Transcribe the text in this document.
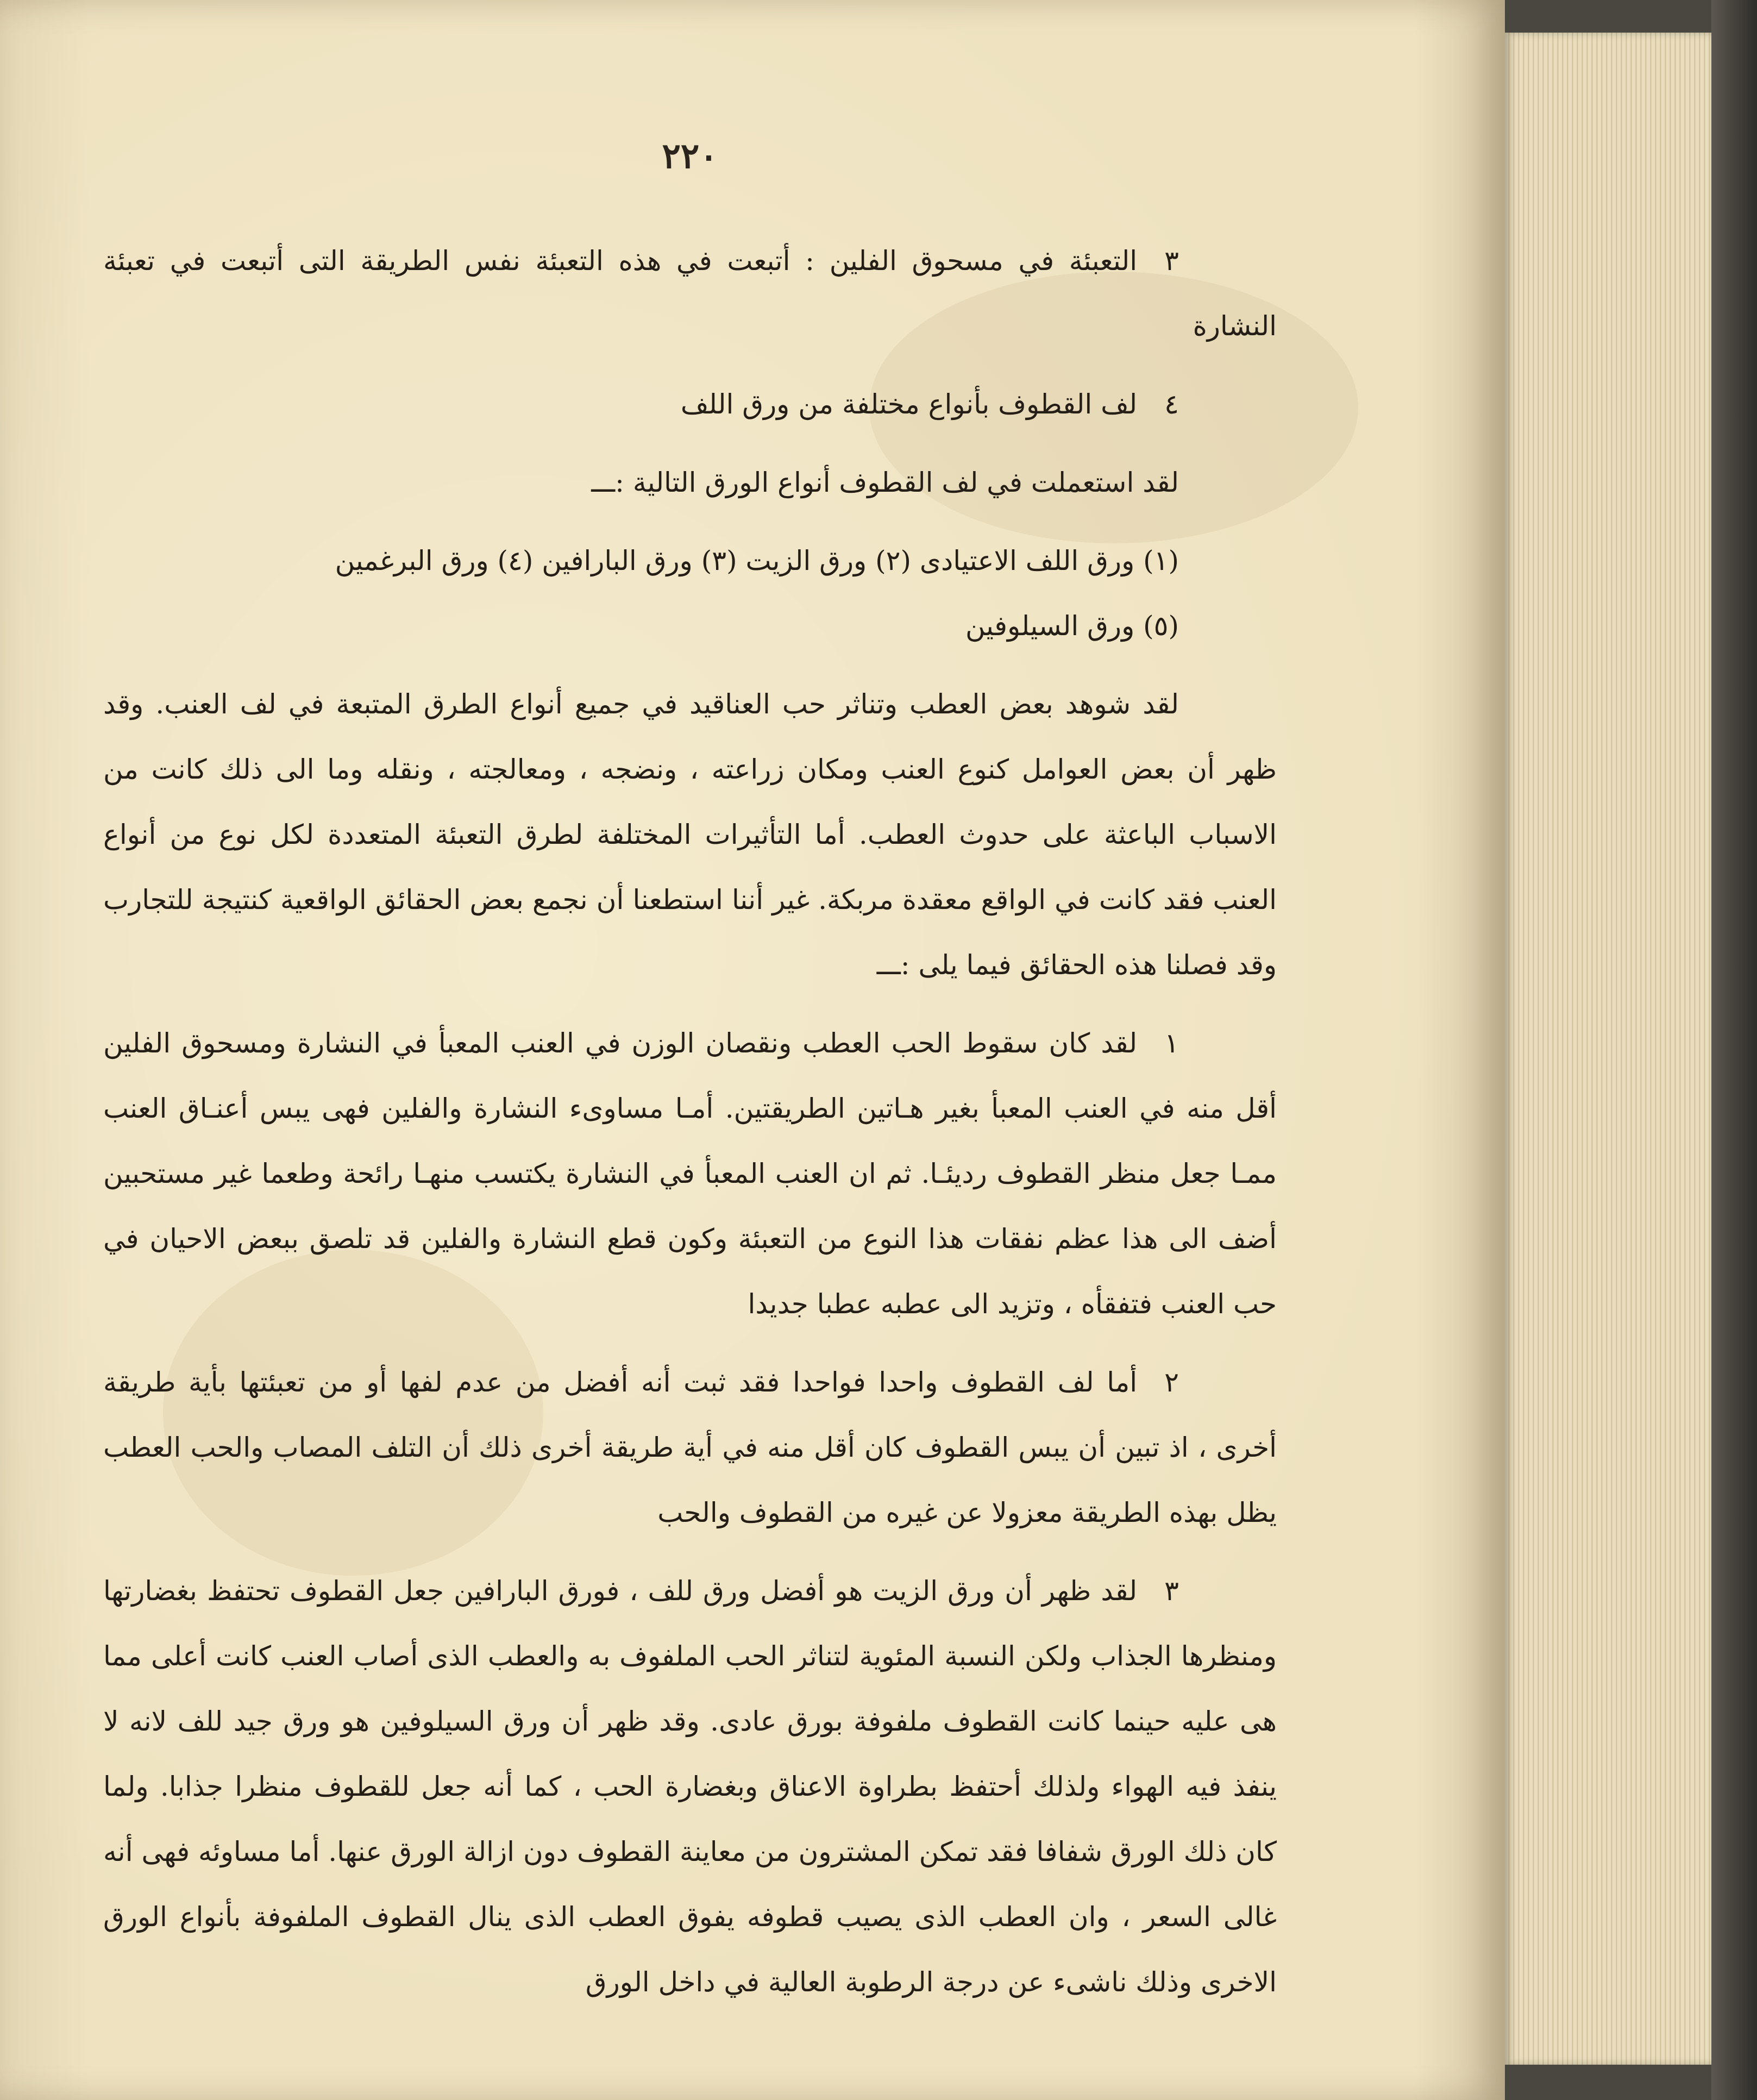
٢٢٠

٣التعبئة في مسحوق الفلين : أتبعت في هذه التعبئة نفس الطريقة التى أتبعت في تعبئة النشارة

٤لف القطوف بأنواع مختلفة من ورق اللف

لقد استعملت في لف القطوف أنواع الورق التالية :ـــ

(١) ورق اللف الاعتيادى (٢) ورق الزيت (٣) ورق البارافين (٤) ورق البرغمين

(٥) ورق السيلوفين

لقد شوهد بعض العطب وتناثر حب العناقيد في جميع أنواع الطرق المتبعة في لف العنب. وقد ظهر أن بعض العوامل كنوع العنب ومكان زراعته ، ونضجه ، ومعالجته ، ونقله وما الى ذلك كانت من الاسباب الباعثة على حدوث العطب. أما التأثيرات المختلفة لطرق التعبئة المتعددة لكل نوع من أنواع العنب فقد كانت في الواقع معقدة مربكة. غير أننا استطعنا أن نجمع بعض الحقائق الواقعية كنتيجة للتجارب وقد فصلنا هذه الحقائق فيما يلى :ـــ

١لقد كان سقوط الحب العطب ونقصان الوزن في العنب المعبأ في النشارة ومسحوق الفلين أقل منه في العنب المعبأ بغير هـاتين الطريقتين. أمـا مساوىء النشارة والفلين فهى يبس أعنـاق العنب ممـا جعل منظر القطوف رديئـا. ثم ان العنب المعبأ في النشارة يكتسب منهـا رائحة وطعما غير مستحبين أضف الى هذا عظم نفقات هذا النوع من التعبئة وكون قطع النشارة والفلين قد تلصق ببعض الاحيان في حب العنب فتفقأه ، وتزيد الى عطبه عطبا جديدا

٢أما لف القطوف واحدا فواحدا فقد ثبت أنه أفضل من عدم لفها أو من تعبئتها بأية طريقة أخرى ، اذ تبين أن يبس القطوف كان أقل منه في أية طريقة أخرى ذلك أن التلف المصاب والحب العطب يظل بهذه الطريقة معزولا عن غيره من القطوف والحب

٣لقد ظهر أن ورق الزيت هو أفضل ورق للف ، فورق البارافين جعل القطوف تحتفظ بغضارتها ومنظرها الجذاب ولكن النسبة المئوية لتناثر الحب الملفوف به والعطب الذى أصاب العنب كانت أعلى مما هى عليه حينما كانت القطوف ملفوفة بورق عادى. وقد ظهر أن ورق السيلوفين هو ورق جيد للف لانه لا ينفذ فيه الهواء ولذلك أحتفظ بطراوة الاعناق وبغضارة الحب ، كما أنه جعل للقطوف منظرا جذابا. ولما كان ذلك الورق شفافا فقد تمكن المشترون من معاينة القطوف دون ازالة الورق عنها. أما مساوئه فهى أنه غالى السعر ، وان العطب الذى يصيب قطوفه يفوق العطب الذى ينال القطوف الملفوفة بأنواع الورق الاخرى وذلك ناشىء عن درجة الرطوبة العالية في داخل الورق
